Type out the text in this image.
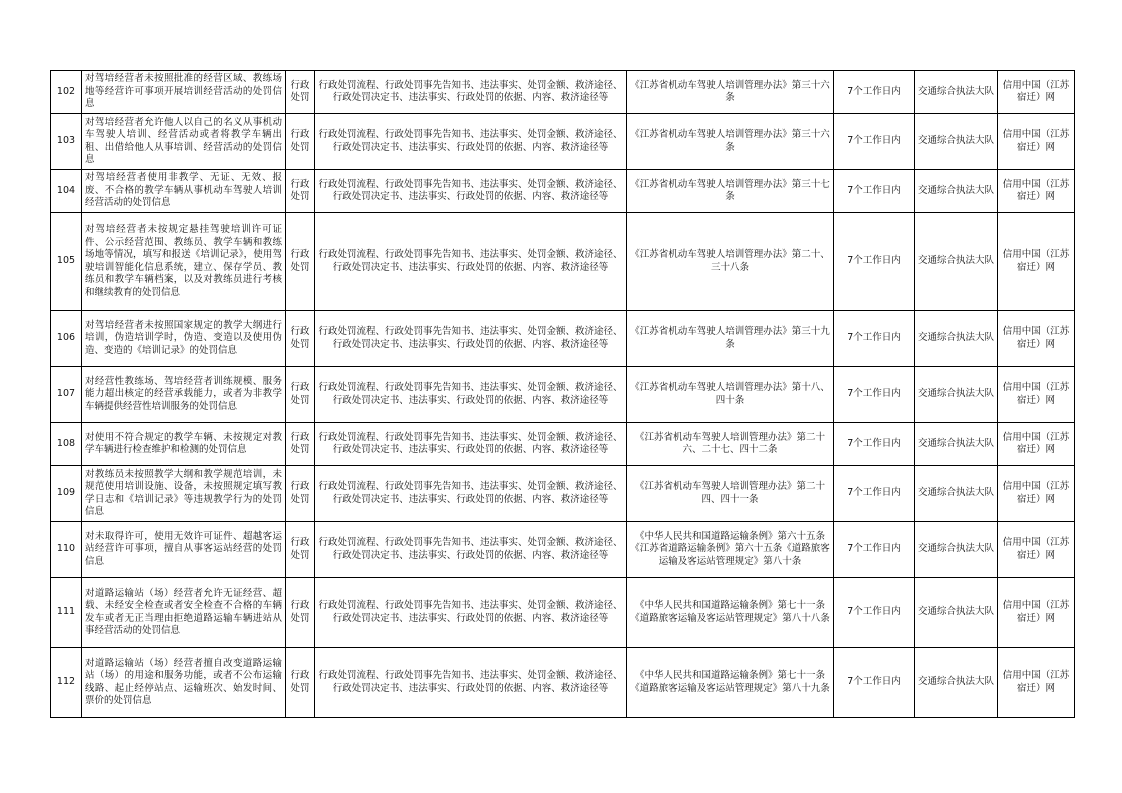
102	对驾培经营者未按照批准的经营区域、教练场地等经营许可事项开展培训经营活动的处罚信息	行政处罚	行政处罚流程、行政处罚事先告知书、违法事实、处罚金额、救济途径、行政处罚决定书、违法事实、行政处罚的依据、内容、救济途径等	《江苏省机动车驾驶人培训管理办法》第三十六条	7个工作日内	交通综合执法大队	信用中国（江苏宿迁）网
103	对驾培经营者允许他人以自己的名义从事机动车驾驶人培训、经营活动或者将教学车辆出租、出借给他人从事培训、经营活动的处罚信息	行政处罚	行政处罚流程、行政处罚事先告知书、违法事实、处罚金额、救济途径、行政处罚决定书、违法事实、行政处罚的依据、内容、救济途径等	《江苏省机动车驾驶人培训管理办法》第三十六条	7个工作日内	交通综合执法大队	信用中国（江苏宿迁）网
104	对驾培经营者使用非教学、无证、无效、报废、不合格的教学车辆从事机动车驾驶人培训经营活动的处罚信息	行政处罚	行政处罚流程、行政处罚事先告知书、违法事实、处罚金额、救济途径、行政处罚决定书、违法事实、行政处罚的依据、内容、救济途径等	《江苏省机动车驾驶人培训管理办法》第三十七条	7个工作日内	交通综合执法大队	信用中国（江苏宿迁）网
105	对驾培经营者未按规定悬挂驾驶培训许可证件、公示经营范围、教练员、教学车辆和教练场地等情况，填写和报送《培训记录》，使用驾驶培训智能化信息系统，建立、保存学员、教练员和教学车辆档案，以及对教练员进行考核和继续教育的处罚信息	行政处罚	行政处罚流程、行政处罚事先告知书、违法事实、处罚金额、救济途径、行政处罚决定书、违法事实、行政处罚的依据、内容、救济途径等	《江苏省机动车驾驶人培训管理办法》第二十、三十八条	7个工作日内	交通综合执法大队	信用中国（江苏宿迁）网
106	对驾培经营者未按照国家规定的教学大纲进行培训，伪造培训学时，伪造、变造以及使用伪造、变造的《培训记录》的处罚信息	行政处罚	行政处罚流程、行政处罚事先告知书、违法事实、处罚金额、救济途径、行政处罚决定书、违法事实、行政处罚的依据、内容、救济途径等	《江苏省机动车驾驶人培训管理办法》第三十九条	7个工作日内	交通综合执法大队	信用中国（江苏宿迁）网
107	对经营性教练场、驾培经营者训练规模、服务能力超出核定的经营承载能力，或者为非教学车辆提供经营性培训服务的处罚信息	行政处罚	行政处罚流程、行政处罚事先告知书、违法事实、处罚金额、救济途径、行政处罚决定书、违法事实、行政处罚的依据、内容、救济途径等	《江苏省机动车驾驶人培训管理办法》第十八、四十条	7个工作日内	交通综合执法大队	信用中国（江苏宿迁）网
108	对使用不符合规定的教学车辆、未按规定对教学车辆进行检查维护和检测的处罚信息	行政处罚	行政处罚流程、行政处罚事先告知书、违法事实、处罚金额、救济途径、行政处罚决定书、违法事实、行政处罚的依据、内容、救济途径等	《江苏省机动车驾驶人培训管理办法》第二十六、二十七、四十二条	7个工作日内	交通综合执法大队	信用中国（江苏宿迁）网
109	对教练员未按照教学大纲和教学规范培训，未规范使用培训设施、设备，未按照规定填写教学日志和《培训记录》等违规教学行为的处罚信息	行政处罚	行政处罚流程、行政处罚事先告知书、违法事实、处罚金额、救济途径、行政处罚决定书、违法事实、行政处罚的依据、内容、救济途径等	《江苏省机动车驾驶人培训管理办法》第二十四、四十一条	7个工作日内	交通综合执法大队	信用中国（江苏宿迁）网
110	对未取得许可，使用无效许可证件、超越客运站经营许可事项，擅自从事客运站经营的处罚信息	行政处罚	行政处罚流程、行政处罚事先告知书、违法事实、处罚金额、救济途径、行政处罚决定书、违法事实、行政处罚的依据、内容、救济途径等	《中华人民共和国道路运输条例》第六十五条《江苏省道路运输条例》第六十五条《道路旅客运输及客运站管理规定》第八十条	7个工作日内	交通综合执法大队	信用中国（江苏宿迁）网
111	对道路运输站（场）经营者允许无证经营、超载、未经安全检查或者安全检查不合格的车辆发车或者无正当理由拒绝道路运输车辆进站从事经营活动的处罚信息	行政处罚	行政处罚流程、行政处罚事先告知书、违法事实、处罚金额、救济途径、行政处罚决定书、违法事实、行政处罚的依据、内容、救济途径等	《中华人民共和国道路运输条例》第七十一条《道路旅客运输及客运站管理规定》第八十八条	7个工作日内	交通综合执法大队	信用中国（江苏宿迁）网
112	对道路运输站（场）经营者擅自改变道路运输站（场）的用途和服务功能，或者不公布运输线路、起止经停站点、运输班次、始发时间、票价的处罚信息	行政处罚	行政处罚流程、行政处罚事先告知书、违法事实、处罚金额、救济途径、行政处罚决定书、违法事实、行政处罚的依据、内容、救济途径等	《中华人民共和国道路运输条例》第七十一条《道路旅客运输及客运站管理规定》第八十九条	7个工作日内	交通综合执法大队	信用中国（江苏宿迁）网
